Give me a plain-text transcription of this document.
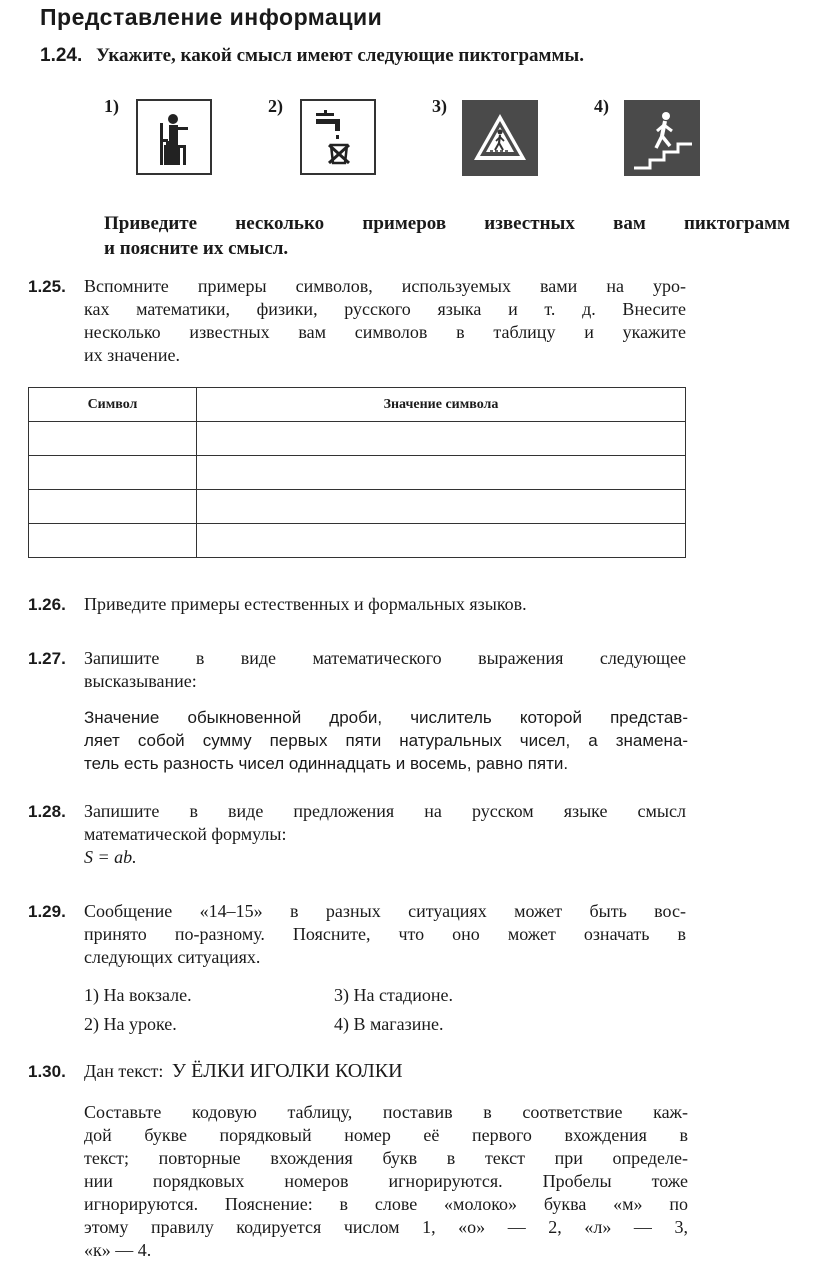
Представление информации
1.24. Укажите, какой смысл имеют следующие пиктограммы.
1)	2)	3)	4)
Приведите несколько примеров известных вам пиктограмм
и поясните их смысл.
1.25. Вспомните примеры символов, используемых вами на уро-
ках математики, физики, русского языка и т. д. Внесите
несколько известных вам символов в таблицу и укажите
их значение.
Символ	Значение символа

1.26. Приведите примеры естественных и формальных языков.
1.27. Запишите в виде математического выражения следующее
высказывание:
Значение обыкновенной дроби, числитель которой представ-
ляет собой сумму первых пяти натуральных чисел, а знамена-
тель есть разность чисел одиннадцать и восемь, равно пяти.
1.28. Запишите в виде предложения на русском языке смысл
математической формулы:
S = ab.
1.29. Сообщение «14–15» в разных ситуациях может быть вос-
принято по-разному. Поясните, что оно может означать в
следующих ситуациях.
1) На вокзале.	3) На стадионе.
2) На уроке.	4) В магазине.
1.30. Дан текст: У ЁЛКИ ИГОЛКИ КОЛКИ
Составьте кодовую таблицу, поставив в соответствие каж-
дой букве порядковый номер её первого вхождения в
текст; повторные вхождения букв в текст при определе-
нии порядковых номеров игнорируются. Пробелы тоже
игнорируются. Пояснение: в слове «молоко» буква «м» по
этому правилу кодируется числом 1, «о» — 2, «л» — 3,
«к» — 4.
